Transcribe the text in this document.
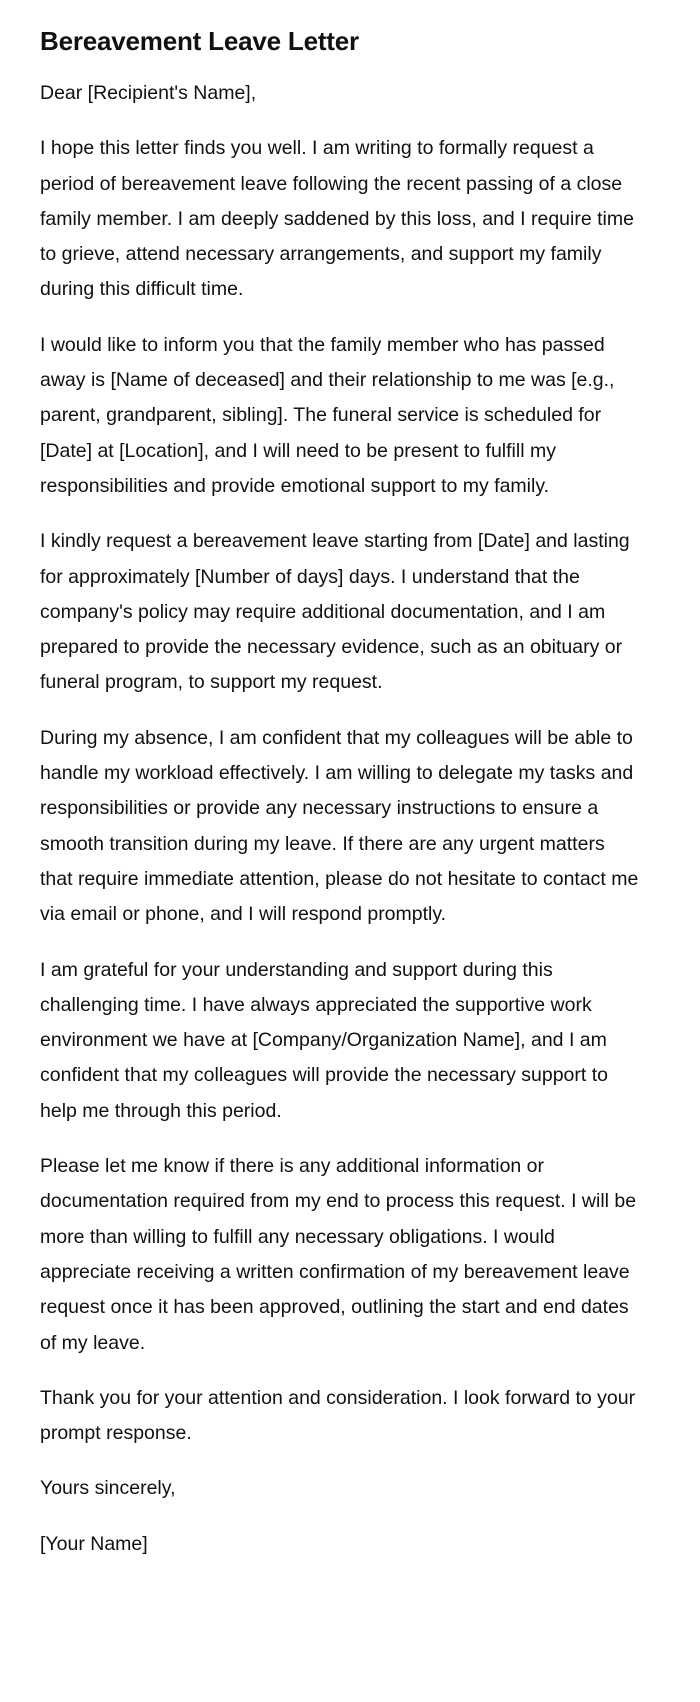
Bereavement Leave Letter

Dear [Recipient's Name],

I hope this letter finds you well. I am writing to formally request a period of bereavement leave following the recent passing of a close family member. I am deeply saddened by this loss, and I require time to grieve, attend necessary arrangements, and support my family during this difficult time.

I would like to inform you that the family member who has passed away is [Name of deceased] and their relationship to me was [e.g., parent, grandparent, sibling]. The funeral service is scheduled for [Date] at [Location], and I will need to be present to fulfill my responsibilities and provide emotional support to my family.

I kindly request a bereavement leave starting from [Date] and lasting for approximately [Number of days] days. I understand that the company's policy may require additional documentation, and I am prepared to provide the necessary evidence, such as an obituary or funeral program, to support my request.

During my absence, I am confident that my colleagues will be able to handle my workload effectively. I am willing to delegate my tasks and responsibilities or provide any necessary instructions to ensure a smooth transition during my leave. If there are any urgent matters that require immediate attention, please do not hesitate to contact me via email or phone, and I will respond promptly.

I am grateful for your understanding and support during this challenging time. I have always appreciated the supportive work environment we have at [Company/Organization Name], and I am confident that my colleagues will provide the necessary support to help me through this period.

Please let me know if there is any additional information or documentation required from my end to process this request. I will be more than willing to fulfill any necessary obligations. I would appreciate receiving a written confirmation of my bereavement leave request once it has been approved, outlining the start and end dates of my leave.

Thank you for your attention and consideration. I look forward to your prompt response.

Yours sincerely,

[Your Name]
